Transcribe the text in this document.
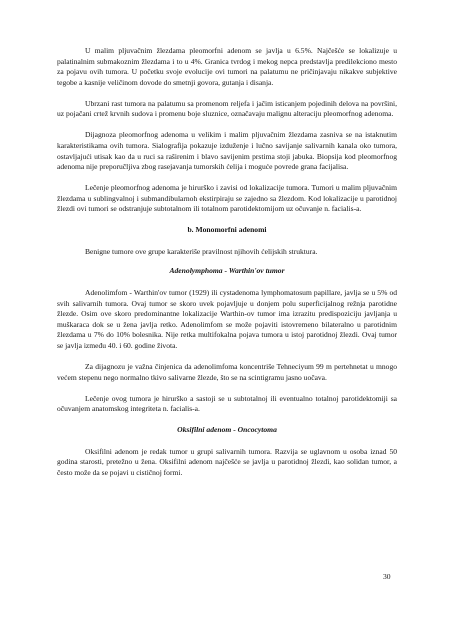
U malim pljuvačnim žlezdama pleomorfni adenom se javlja u 6.5%. Najčešće se lokalizuje u palatinalnim submakoznim žlezdama i to u 4%. Granica tvrdog i mekog nepca predstavlja predilekciono mesto za pojavu ovih tumora. U početku svoje evolucije ovi tumori na palatumu ne pričinjavaju nikakve subjektive tegobe a kasnije veličinom dovode do smetnji govora, gutanja i disanja.

Ubrzani rast tumora na palatumu sa promenom reljefa i jačim isticanjem pojedinih delova na površini, uz pojačani crtež krvnih sudova i promenu boje sluznice, označavaju malignu alteraciju pleomorfnog adenoma.

Dijagnoza pleomorfnog adenoma u velikim i malim pljuvačnim žlezdama zasniva se na istaknutim karakteristikama ovih tumora. Sialografija pokazuje izduženje i lučno savijanje salivarnih kanala oko tumora, ostavljajući utisak kao da u ruci sa raširenim i blavo savijenim prstima stoji jabuka. Biopsija kod pleomorfnog adenoma nije preporučljiva zbog rasejavanja tumorskih ćelija i moguće povrede grana facijalisa.

Lečenje pleomorfnog adenoma je hirurško i zavisi od lokalizacije tumora. Tumori u malim pljuvačnim žlezdama u sublingvalnoj i submandibularnoh ekstirpiraju se zajedno sa žlezdom. Kod lokalizacije u parotidnoj žlezdi ovi tumori se odstranjuje subtotalnom ili totalnom parotidektomijom uz očuvanje n. facialis-a.

b. Monomorfni adenomi

Benigne tumore ove grupe karakteriše pravilnost njihovih ćelijskih struktura.

Adenolymphoma - Warthin'ov tumor

Adenolimfom - Warthin'ov tumor (1929) ili cystadenoma lymphomatosum papillare, javlja se u 5% od svih salivarnih tumora. Ovaj tumor se skoro uvek pojavljuje u donjem polu superficijalnog režnja parotidne žlezde. Osim ove skoro predominantne lokalizacije Warthin-ov tumor ima izrazitu predispoziciju javljanja u muškaraca dok se u žena javlja retko. Adenolimfom se može pojaviti istovremeno bilateralno u parotidnim žlezdama u 7% do 10% bolesnika. Nije retka multifokalna pojava tumora u istoj parotidnoj žlezdi. Ovaj tumor se javlja između 40. i 60. godine života.

Za dijagnozu je važna činjenica da adenolimfoma koncentriše Tehneciyum 99 m pertehnetat u mnogo većem stepenu nego normalno tkivo salivarne žlezde, što se na scintigramu jasno uočava.

Lečenje ovog tumora je hirurško a sastoji se u subtotalnoj ili eventualno totalnoj parotidektomiji sa očuvanjem anatomskog integriteta n. facialis-a.

Oksifilni adenom - Oncocytoma

Oksifilni adenom je redak tumor u grupi salivarnih tumora. Razvija se uglavnom u osoba iznad 50 godina starosti, pretežno u žena. Oksifilni adenom najčešće se javlja u parotidnoj žlezdi, kao solidan tumor, a često može da se pojavi u cističnoj formi.

30
